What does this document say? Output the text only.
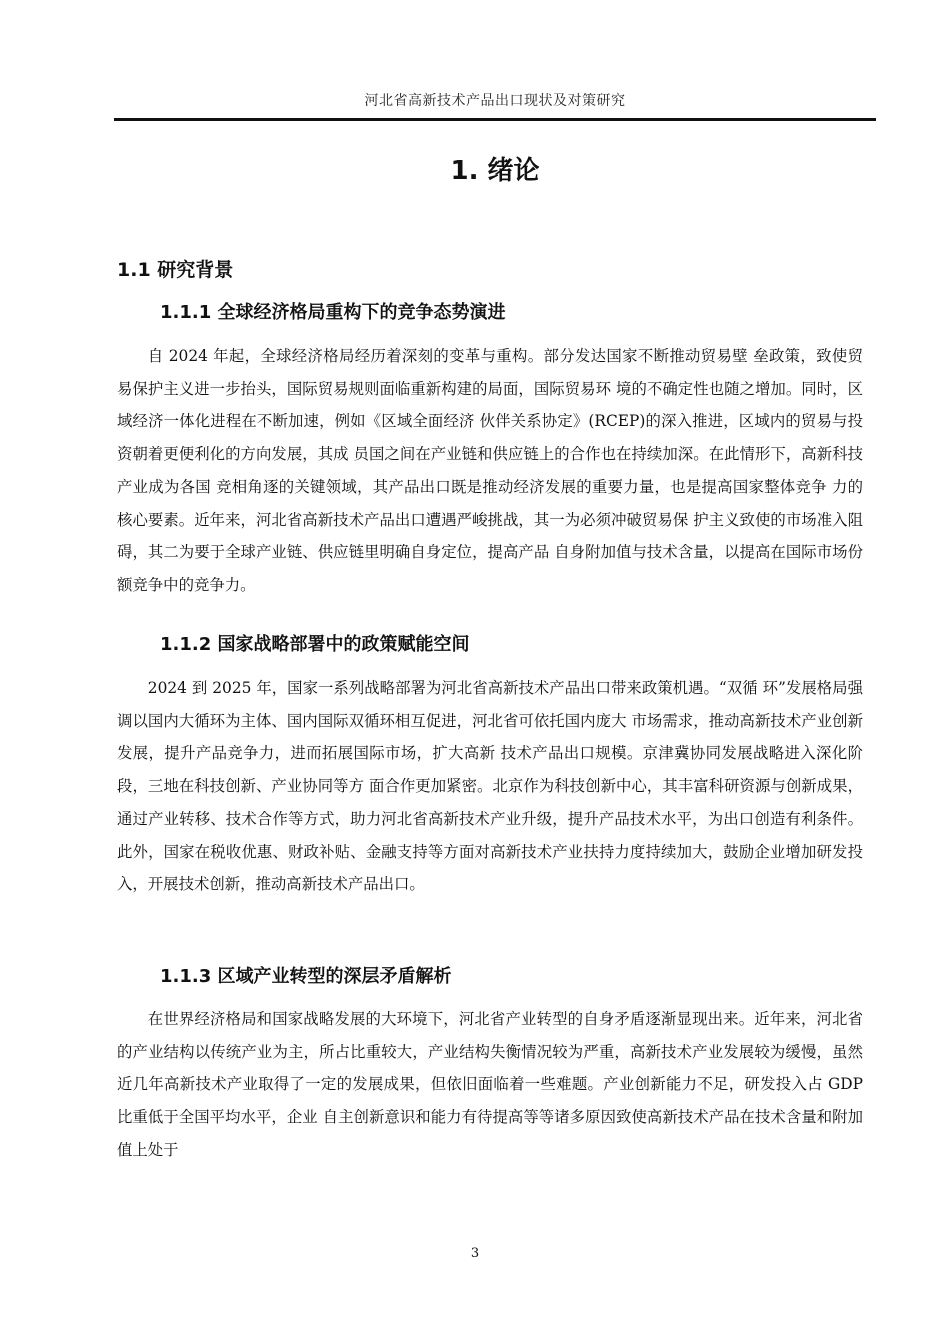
河北省高新技术产品出口现状及对策研究
1. 绪论
1.1 研究背景
1.1.1 全球经济格局重构下的竞争态势演进

自 2024 年起，全球经济格局经历着深刻的变革与重构。部分发达国家不断推动贸易壁 垒政策，致使贸易保护主义进一步抬头，国际贸易规则面临重新构建的局面，国际贸易环 境的不确定性也随之增加。同时，区域经济一体化进程在不断加速，例如《区域全面经济 伙伴关系协定》(RCEP)的深入推进，区域内的贸易与投资朝着更便利化的方向发展，其成 员国之间在产业链和供应链上的合作也在持续加深。在此情形下，高新科技产业成为各国 竞相角逐的关键领域，其产品出口既是推动经济发展的重要力量，也是提高国家整体竞争 力的核心要素。近年来，河北省高新技术产品出口遭遇严峻挑战，其一为必须冲破贸易保 护主义致使的市场准入阻碍，其二为要于全球产业链、供应链里明确自身定位，提高产品 自身附加值与技术含量，以提高在国际市场份额竞争中的竞争力。

1.1.2 国家战略部署中的政策赋能空间

2024 到 2025 年，国家一系列战略部署为河北省高新技术产品出口带来政策机遇。“双循 环”发展格局强调以国内大循环为主体、国内国际双循环相互促进，河北省可依托国内庞大 市场需求，推动高新技术产业创新发展，提升产品竞争力，进而拓展国际市场，扩大高新 技术产品出口规模。京津冀协同发展战略进入深化阶段，三地在科技创新、产业协同等方 面合作更加紧密。北京作为科技创新中心，其丰富科研资源与创新成果，通过产业转移、技术合作等方式，助力河北省高新技术产业升级，提升产品技术水平，为出口创造有利条件。此外，国家在税收优惠、财政补贴、金融支持等方面对高新技术产业扶持力度持续加大，鼓励企业增加研发投入，开展技术创新，推动高新技术产品出口。

1.1.3 区域产业转型的深层矛盾解析

在世界经济格局和国家战略发展的大环境下，河北省产业转型的自身矛盾逐渐显现出来。近年来，河北省的产业结构以传统产业为主，所占比重较大，产业结构失衡情况较为严重，高新技术产业发展较为缓慢，虽然近几年高新技术产业取得了一定的发展成果，但依旧面临着一些难题。产业创新能力不足，研发投入占 GDP 比重低于全国平均水平，企业 自主创新意识和能力有待提高等等诸多原因致使高新技术产品在技术含量和附加值上处于

3
